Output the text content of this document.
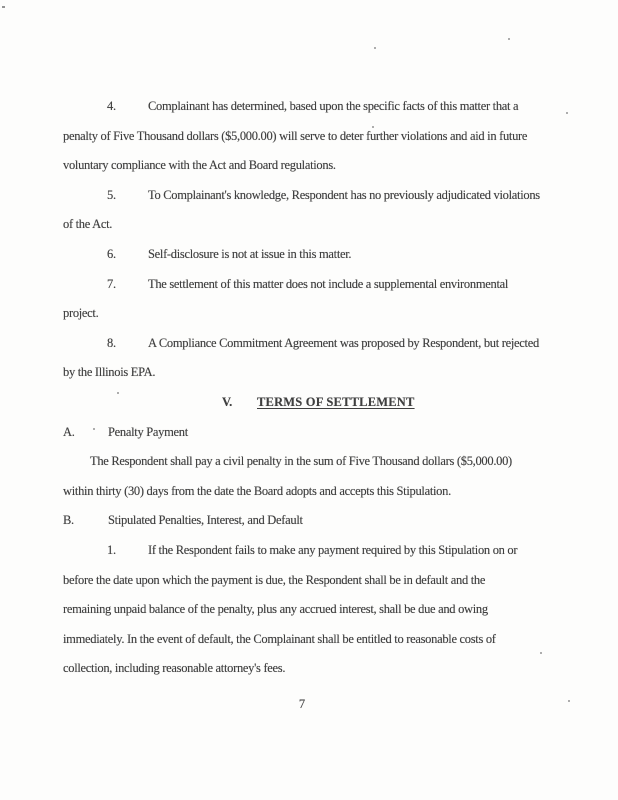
4.	Complainant has determined, based upon the specific facts of this matter that a
penalty of Five Thousand dollars ($5,000.00) will serve to deter further violations and aid in future
voluntary compliance with the Act and Board regulations.
5.	To Complainant's knowledge, Respondent has no previously adjudicated violations
of the Act.
6.	Self-disclosure is not at issue in this matter.
7.	The settlement of this matter does not include a supplemental environmental
project.
8.	A Compliance Commitment Agreement was proposed by Respondent, but rejected
by the Illinois EPA.
V. TERMS OF SETTLEMENT
A.	Penalty Payment
The Respondent shall pay a civil penalty in the sum of Five Thousand dollars ($5,000.00)
within thirty (30) days from the date the Board adopts and accepts this Stipulation.
B.	Stipulated Penalties, Interest, and Default
1.	If the Respondent fails to make any payment required by this Stipulation on or
before the date upon which the payment is due, the Respondent shall be in default and the
remaining unpaid balance of the penalty, plus any accrued interest, shall be due and owing
immediately. In the event of default, the Complainant shall be entitled to reasonable costs of
collection, including reasonable attorney's fees.
7
